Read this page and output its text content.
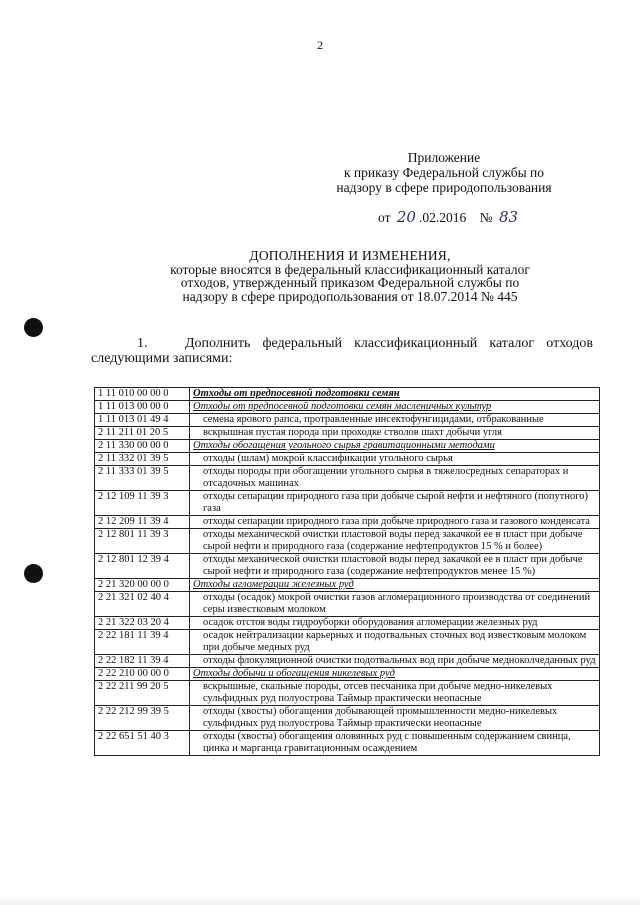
2
Приложение
к приказу Федеральной службы по
надзору в сфере природопользования
от 20 .02.2016 № 83
ДОПОЛНЕНИЯ И ИЗМЕНЕНИЯ,
которые вносятся в федеральный классификационный каталог
отходов, утвержденный приказом Федеральной службы по
надзору в сфере природопользования от 18.07.2014 № 445
1.	Дополнить федеральный классификационный каталог отходов следующими записями:
1 11 010 00 00 0	Отходы от предпосевной подготовки семян
1 11 013 00 00 0	Отходы от предпосевной подготовки семян масленичных культур
1 11 013 01 49 4	семена ярового рапса, протравленные инсектофунгицидами, отбракованные
2 11 211 01 20 5	вскрышная пустая порода при проходке стволов шахт добычи угля
2 11 330 00 00 0	Отходы обогащения угольного сырья гравитационными методами
2 11 332 01 39 5	отходы (шлам) мокрой классификации угольного сырья
2 11 333 01 39 5	отходы породы при обогащении угольного сырья в тяжелосредных сепараторах и отсадочных машинах
2 12 109 11 39 3	отходы сепарации природного газа при добыче сырой нефти и нефтяного (попутного) газа
2 12 209 11 39 4	отходы сепарации природного газа при добыче природного газа и газового конденсата
2 12 801 11 39 3	отходы механической очистки пластовой воды перед закачкой ее в пласт при добыче сырой нефти и природного газа (содержание нефтепродуктов 15 % и более)
2 12 801 12 39 4	отходы механической очистки пластовой воды перед закачкой ее в пласт при добыче сырой нефти и природного газа (содержание нефтепродуктов менее 15 %)
2 21 320 00 00 0	Отходы агломерации железных руд
2 21 321 02 40 4	отходы (осадок) мокрой очистки газов агломерационного производства от соединений серы известковым молоком
2 21 322 03 20 4	осадок отстоя воды гидроуборки оборудования агломерации железных руд
2 22 181 11 39 4	осадок нейтрализации карьерных и подотвальных сточных вод известковым молоком при добыче медных руд
2 22 182 11 39 4	отходы флокуляционной очистки подотвальных вод при добыче медноколчеданных руд
2 22 210 00 00 0	Отходы добычи и обогащения никелевых руд
2 22 211 99 20 5	вскрышные, скальные породы, отсев песчаника при добыче медно-никелевых сульфидных руд полуострова Таймыр практически неопасные
2 22 212 99 39 5	отходы (хвосты) обогащения добывающей промышленности медно-никелевых сульфидных руд полуострова Таймыр практически неопасные
2 22 651 51 40 3	отходы (хвосты) обогащения оловянных руд с повышенным содержанием свинца, цинка и марганца гравитационным осаждением
